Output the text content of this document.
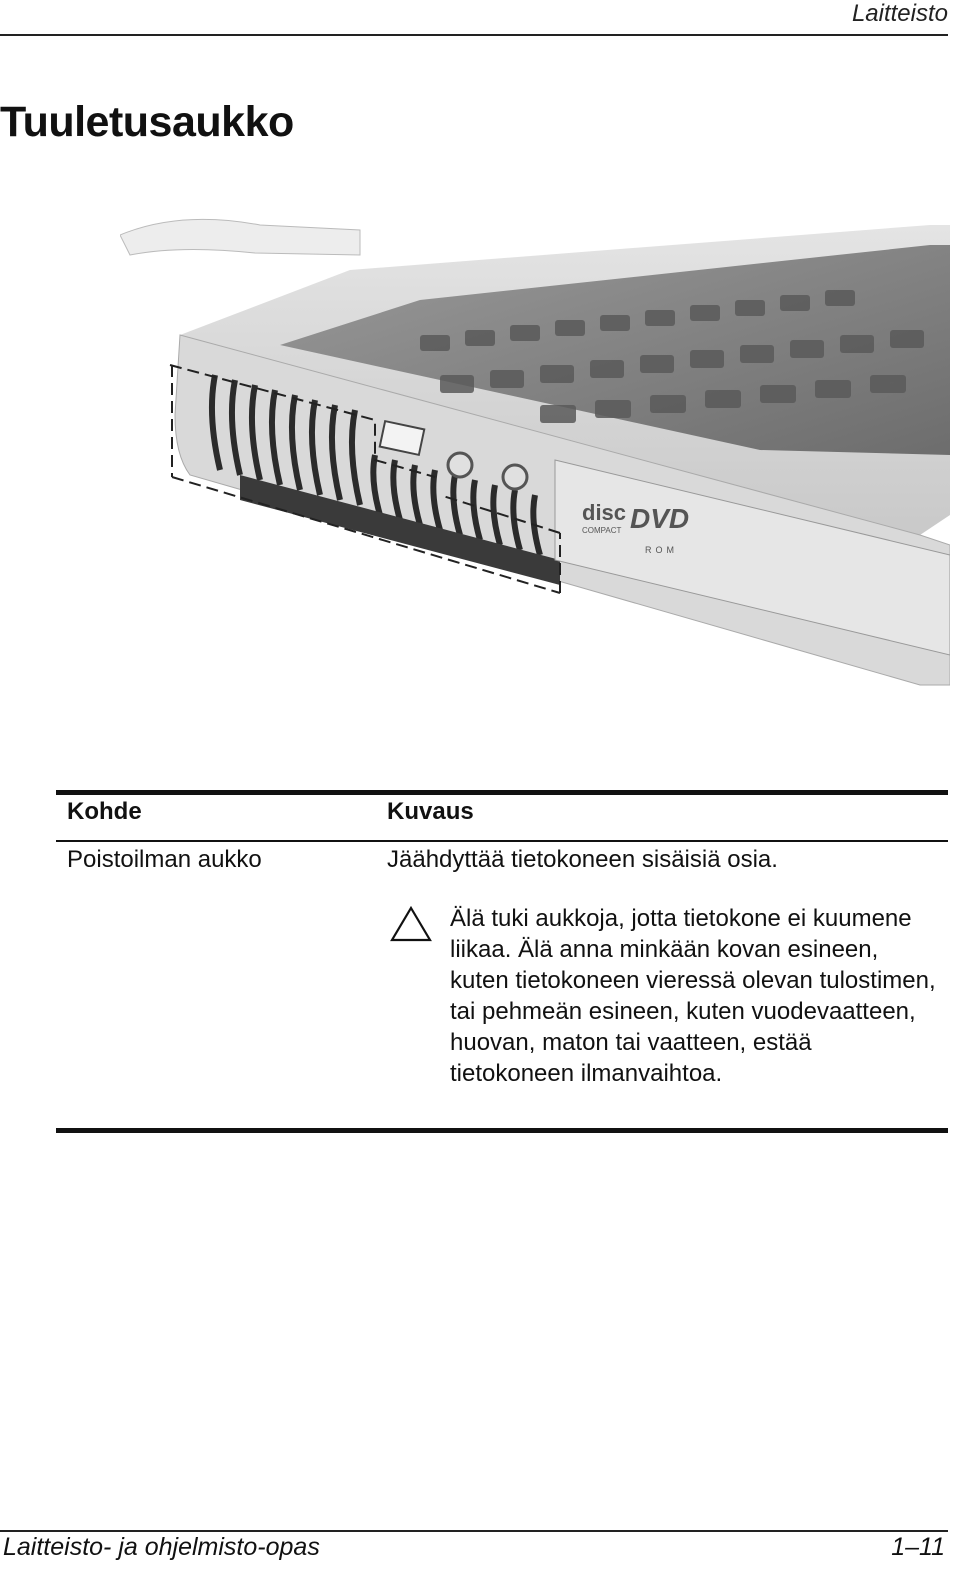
Laitteisto
Tuuletusaukko
disc
COMPACT DVD
ROM
Kohde	Kuvaus
Poistoilman aukko	Jäähdyttää tietokoneen sisäisiä osia.

Älä tuki aukkoja, jotta tietokone ei kuumene liikaa. Älä anna minkään kovan esineen, kuten tietokoneen vieressä olevan tulostimen, tai pehmeän esineen, kuten vuodevaatteen, huovan, maton tai vaatteen, estää tietokoneen ilmanvaihtoa.

Laitteisto- ja ohjelmisto-opas	1–11
